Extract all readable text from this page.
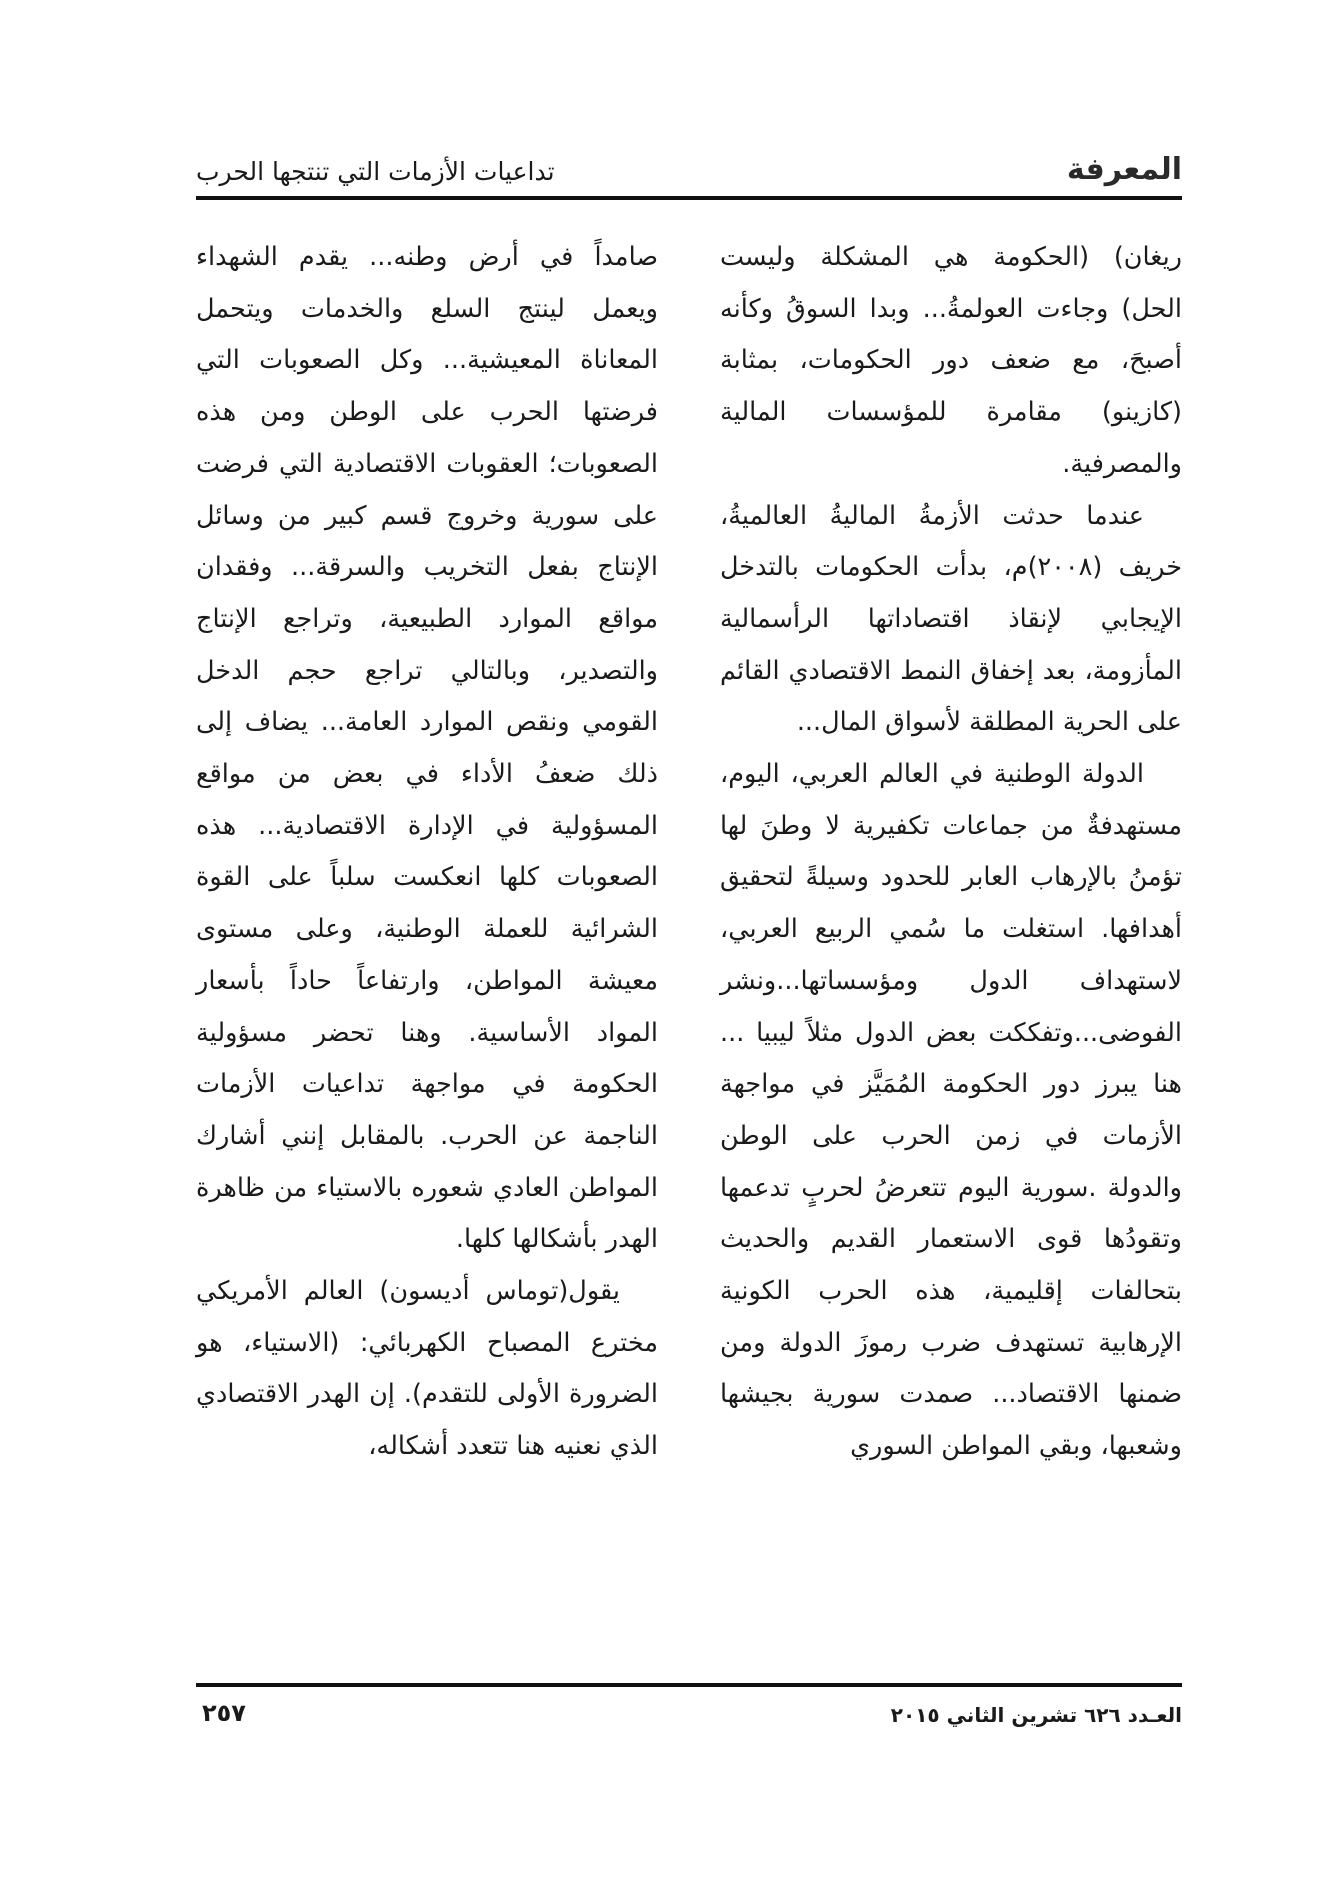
المعرفة
تداعيات الأزمات التي تنتجها الحرب

ريغان) (الحكومة هي المشكلة وليست الحل) وجاءت العولمةُ... وبدا السوقُ وكأنه أصبحَ، مع ضعف دور الحكومات، بمثابة (كازينو) مقامرة للمؤسسات المالية والمصرفية.

عندما حدثت الأزمةُ الماليةُ العالميةُ، خريف (٢٠٠٨)م، بدأت الحكومات بالتدخل الإيجابي لإنقاذ اقتصاداتها الرأسمالية المأزومة، بعد إخفاق النمط الاقتصادي القائم على الحرية المطلقة لأسواق المال...

الدولة الوطنية في العالم العربي، اليوم، مستهدفةٌ من جماعات تكفيرية لا وطنَ لها تؤمنُ بالإرهاب العابر للحدود وسيلةً لتحقيق أهدافها. استغلت ما سُمي الربيع العربي، لاستهداف الدول ومؤسساتها...ونشر الفوضى...وتفككت بعض الدول مثلاً ليبيا ... هنا يبرز دور الحكومة المُمَيَّز في مواجهة الأزمات في زمن الحرب على الوطن والدولة .سورية اليوم تتعرضُ لحربٍ تدعمها وتقودُها قوى الاستعمار القديم والحديث بتحالفات إقليمية، هذه الحرب الكونية الإرهابية تستهدف ضرب رموزَ الدولة ومن ضمنها الاقتصاد... صمدت سورية بجيشها وشعبها، وبقي المواطن السوري

صامداً في أرض وطنه... يقدم الشهداء ويعمل لينتج السلع والخدمات ويتحمل المعاناة المعيشية... وكل الصعوبات التي فرضتها الحرب على الوطن ومن هذه الصعوبات؛ العقوبات الاقتصادية التي فرضت على سورية وخروج قسم كبير من وسائل الإنتاج بفعل التخريب والسرقة... وفقدان مواقع الموارد الطبيعية، وتراجع الإنتاج والتصدير، وبالتالي تراجع حجم الدخل القومي ونقص الموارد العامة... يضاف إلى ذلك ضعفُ الأداء في بعض من مواقع المسؤولية في الإدارة الاقتصادية... هذه الصعوبات كلها انعكست سلباً على القوة الشرائية للعملة الوطنية، وعلى مستوى معيشة المواطن، وارتفاعاً حاداً بأسعار المواد الأساسية. وهنا تحضر مسؤولية الحكومة في مواجهة تداعيات الأزمات الناجمة عن الحرب. بالمقابل إنني أشارك المواطن العادي شعوره بالاستياء من ظاهرة الهدر بأشكالها كلها.

يقول(توماس أديسون) العالم الأمريكي مخترع المصباح الكهربائي: (الاستياء، هو الضرورة الأولى للتقدم). إن الهدر الاقتصادي الذي نعنيه هنا تتعدد أشكاله،

العـدد ٦٢٦ تشرين الثاني ٢٠١٥
٢٥٧
